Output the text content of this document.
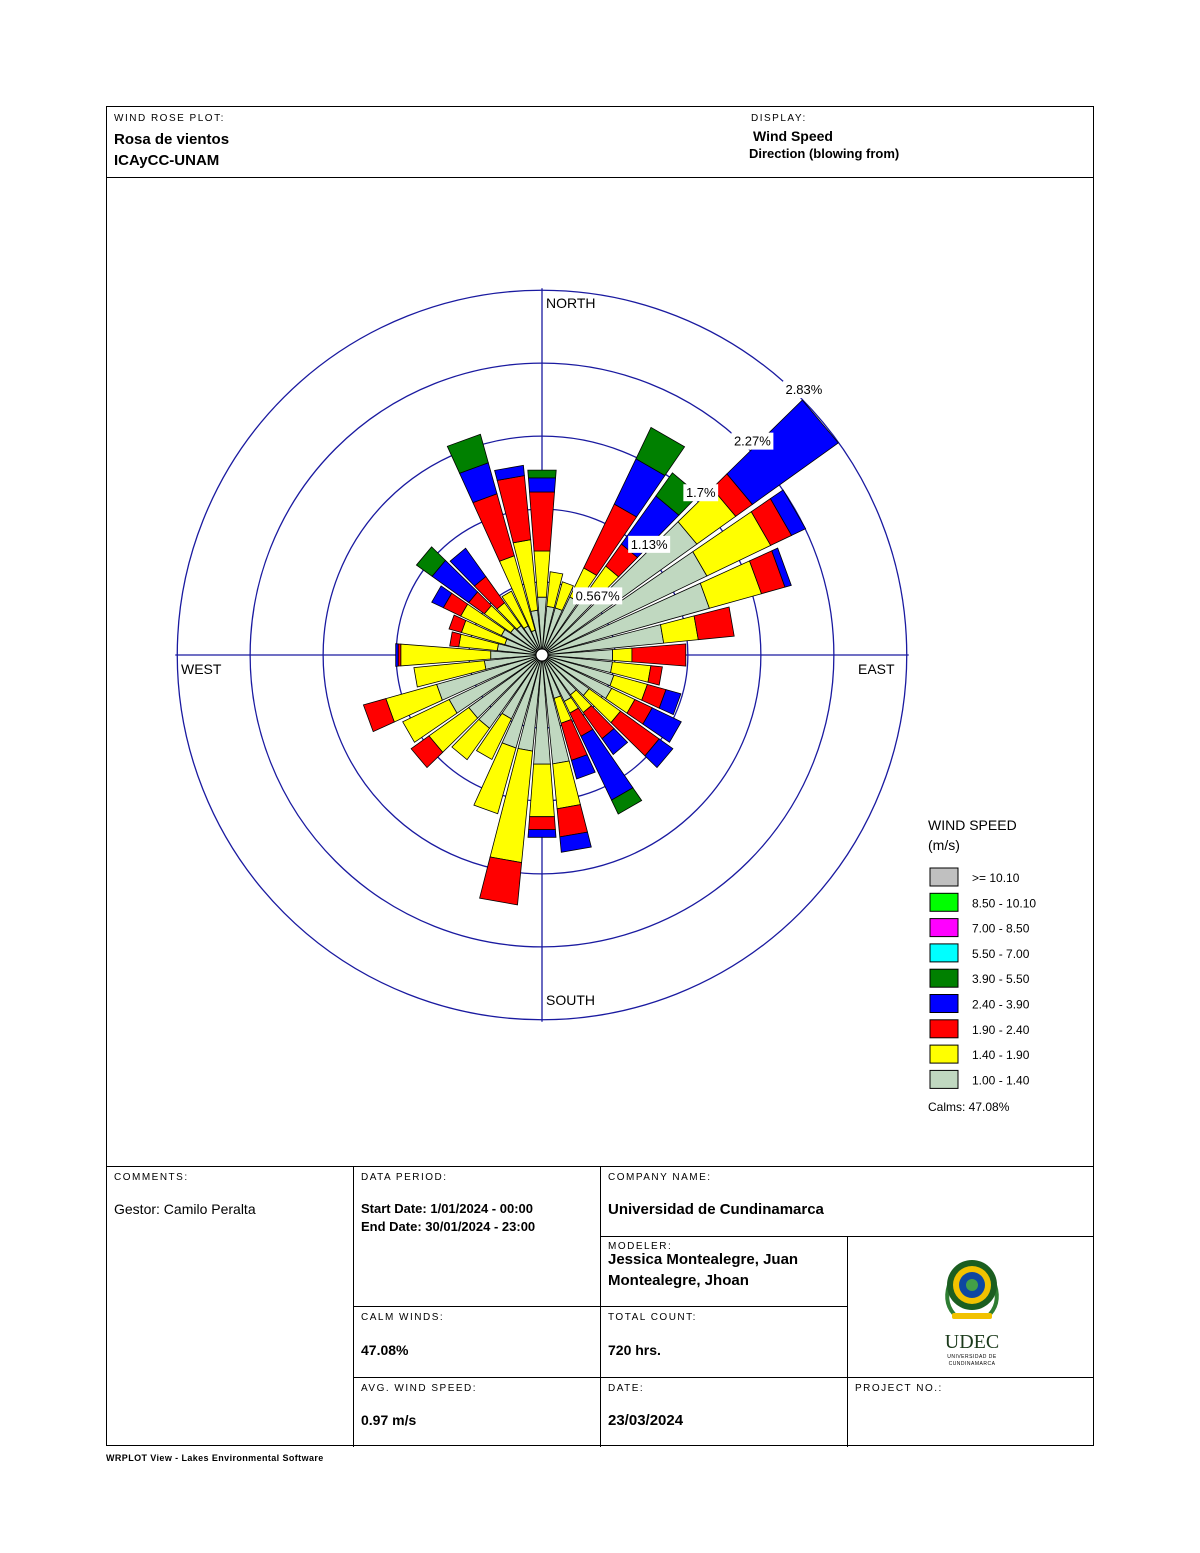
WIND ROSE PLOT:
Rosa de vientos
ICAyCC-UNAM
DISPLAY:
Wind Speed
Direction (blowing from)
COMMENTS:
Gestor: Camilo Peralta
DATA PERIOD:
Start Date: 1/01/2024 - 00:00
End Date: 30/01/2024 - 23:00
COMPANY NAME:
Universidad de Cundinamarca
MODELER:
Jessica Montealegre, Juan
Montealegre, Jhoan
CALM WINDS:
47.08%
TOTAL COUNT:
720 hrs.
AVG. WIND SPEED:
0.97 m/s
DATE:
23/03/2024
PROJECT NO.:
UDEC
UNIVERSIDAD DE
CUNDINAMARCA
0.567%
1.13%
1.7%
2.27%
2.83%
NORTH
SOUTH
EAST
WEST
WIND SPEED
(m/s)
>= 10.10
8.50 - 10.10
7.00 - 8.50
5.50 - 7.00
3.90 - 5.50
2.40 - 3.90
1.90 - 2.40
1.40 - 1.90
1.00 - 1.40
Calms: 47.08%
WRPLOT View - Lakes Environmental Software
